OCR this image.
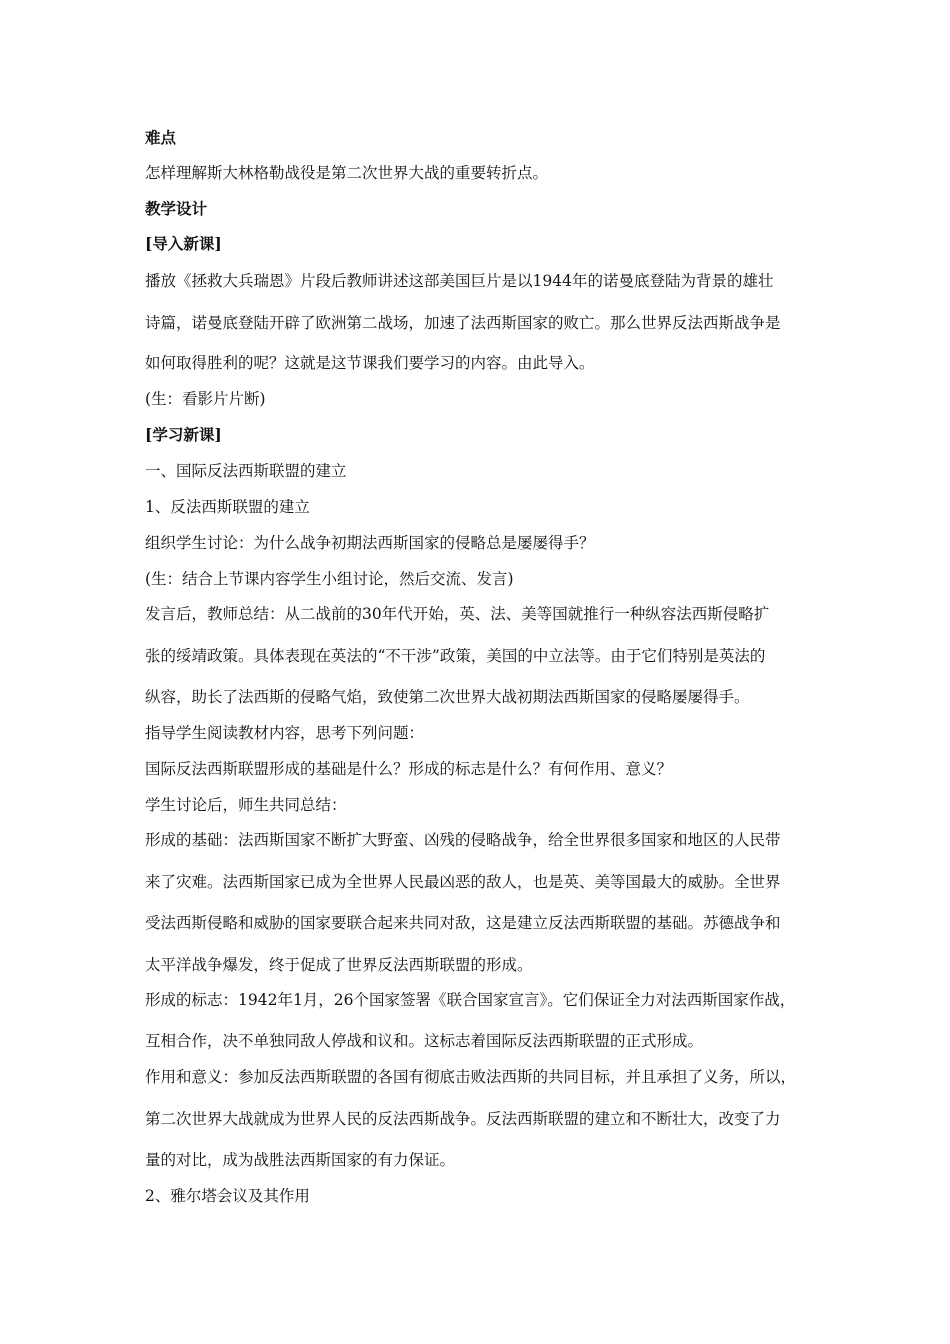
难点
怎样理解斯大林格勒战役是第二次世界大战的重要转折点。
教学设计
[导入新课]
播放《拯救大兵瑞恩》片段后教师讲述这部美国巨片是以1944年的诺曼底登陆为背景的雄壮
诗篇，诺曼底登陆开辟了欧洲第二战场，加速了法西斯国家的败亡。那么世界反法西斯战争是
如何取得胜利的呢？这就是这节课我们要学习的内容。由此导入。
(生：看影片片断)
[学习新课]
一、国际反法西斯联盟的建立
1、反法西斯联盟的建立
组织学生讨论：为什么战争初期法西斯国家的侵略总是屡屡得手？
(生：结合上节课内容学生小组讨论，然后交流、发言)
发言后，教师总结：从二战前的30年代开始，英、法、美等国就推行一种纵容法西斯侵略扩
张的绥靖政策。具体表现在英法的“不干涉”政策，美国的中立法等。由于它们特别是英法的
纵容，助长了法西斯的侵略气焰，致使第二次世界大战初期法西斯国家的侵略屡屡得手。
指导学生阅读教材内容，思考下列问题：
国际反法西斯联盟形成的基础是什么？形成的标志是什么？有何作用、意义？
学生讨论后，师生共同总结：
形成的基础：法西斯国家不断扩大野蛮、凶残的侵略战争，给全世界很多国家和地区的人民带
来了灾难。法西斯国家已成为全世界人民最凶恶的敌人，也是英、美等国最大的威胁。全世界
受法西斯侵略和威胁的国家要联合起来共同对敌，这是建立反法西斯联盟的基础。苏德战争和
太平洋战争爆发，终于促成了世界反法西斯联盟的形成。
形成的标志：1942年1月，26个国家签署《联合国家宣言》。它们保证全力对法西斯国家作战，
互相合作，决不单独同敌人停战和议和。这标志着国际反法西斯联盟的正式形成。
作用和意义：参加反法西斯联盟的各国有彻底击败法西斯的共同目标，并且承担了义务，所以，
第二次世界大战就成为世界人民的反法西斯战争。反法西斯联盟的建立和不断壮大，改变了力
量的对比，成为战胜法西斯国家的有力保证。
2、雅尔塔会议及其作用
